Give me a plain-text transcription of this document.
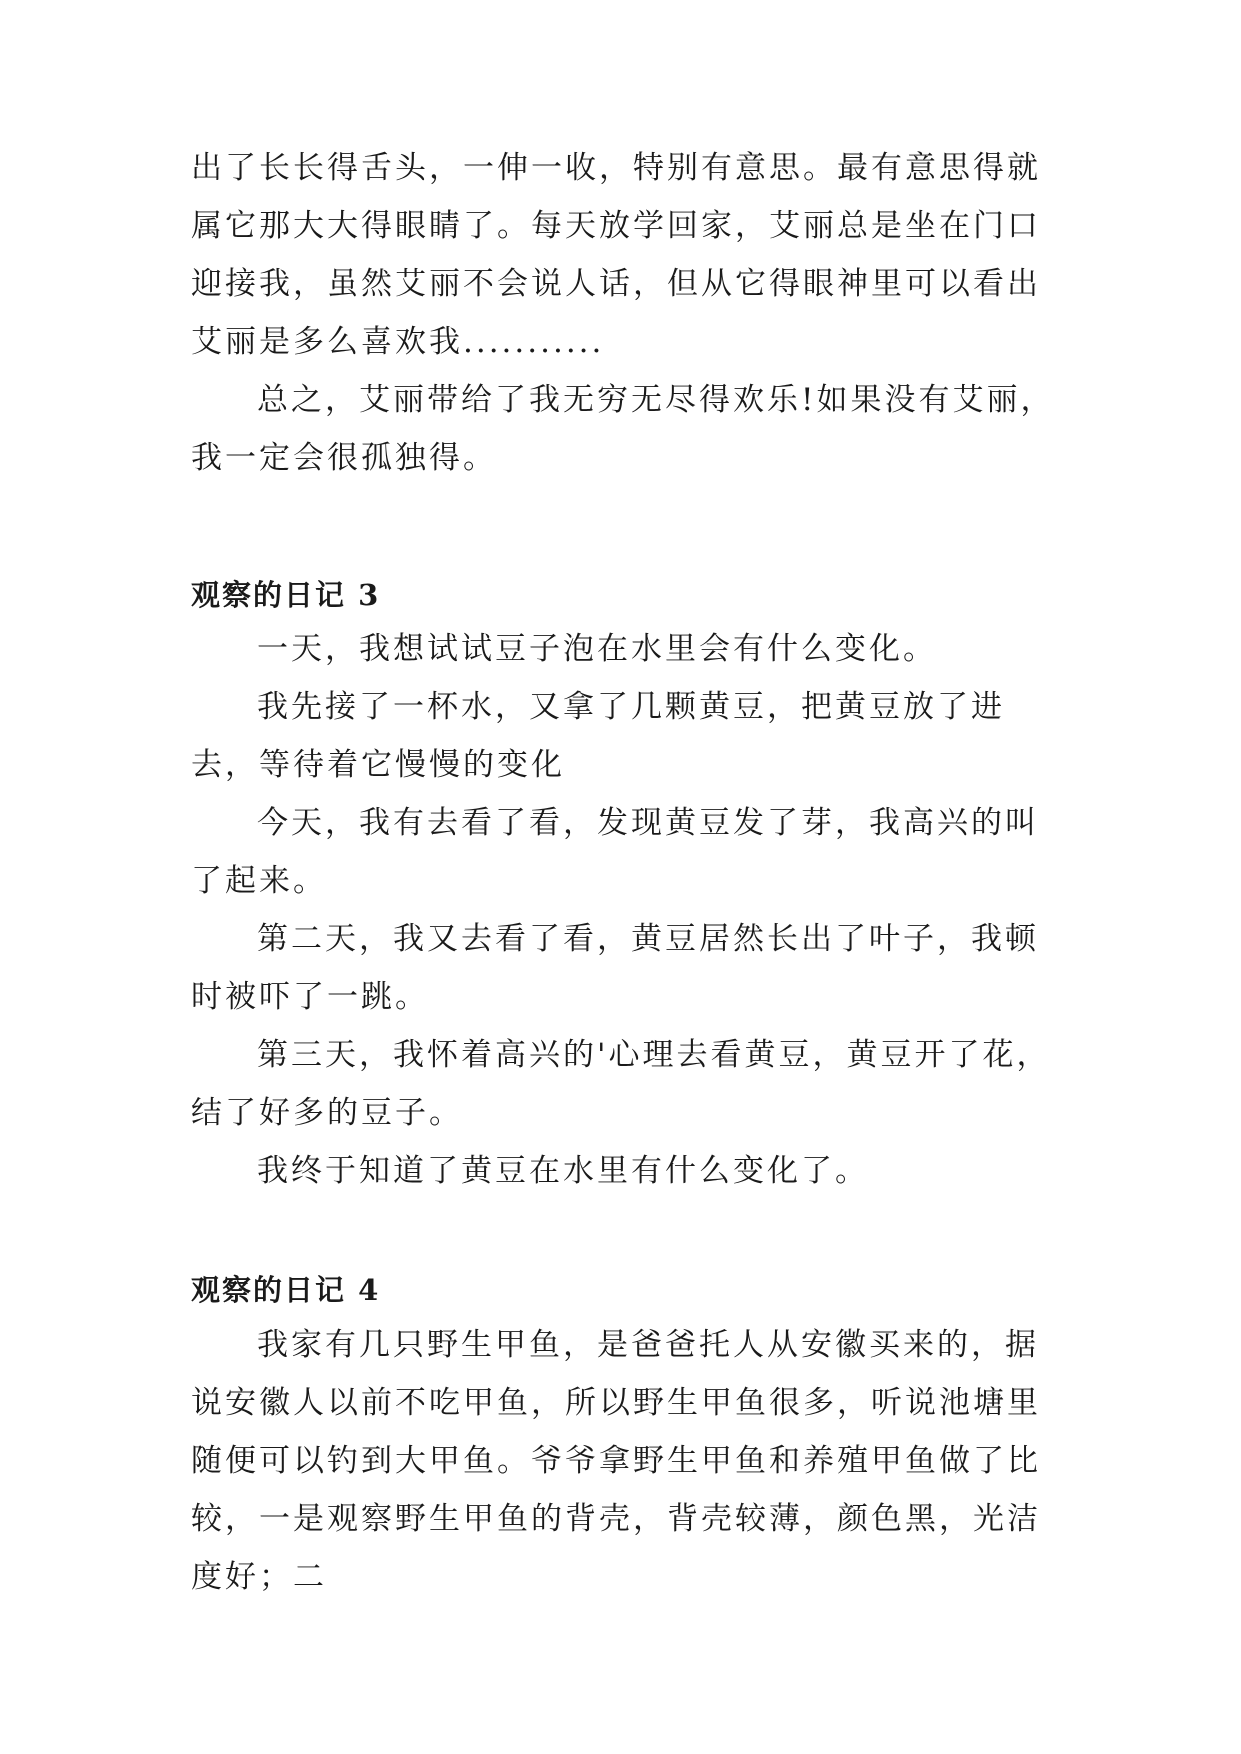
出了长长得舌头，一伸一收，特别有意思。最有意思得就属它那大大得眼睛了。每天放学回家，艾丽总是坐在门口迎接我，虽然艾丽不会说人话，但从它得眼神里可以看出艾丽是多么喜欢我...........

总之，艾丽带给了我无穷无尽得欢乐!如果没有艾丽，我一定会很孤独得。

观察的日记 3

一天，我想试试豆子泡在水里会有什么变化。

我先接了一杯水，又拿了几颗黄豆，把黄豆放了进去，等待着它慢慢的变化

今天，我有去看了看，发现黄豆发了芽，我高兴的叫了起来。

第二天，我又去看了看，黄豆居然长出了叶子，我顿时被吓了一跳。

第三天，我怀着高兴的'心理去看黄豆，黄豆开了花，结了好多的豆子。

我终于知道了黄豆在水里有什么变化了。

观察的日记 4

我家有几只野生甲鱼，是爸爸托人从安徽买来的，据说安徽人以前不吃甲鱼，所以野生甲鱼很多，听说池塘里随便可以钓到大甲鱼。爷爷拿野生甲鱼和养殖甲鱼做了比较，一是观察野生甲鱼的背壳，背壳较薄，颜色黑，光洁度好；二
